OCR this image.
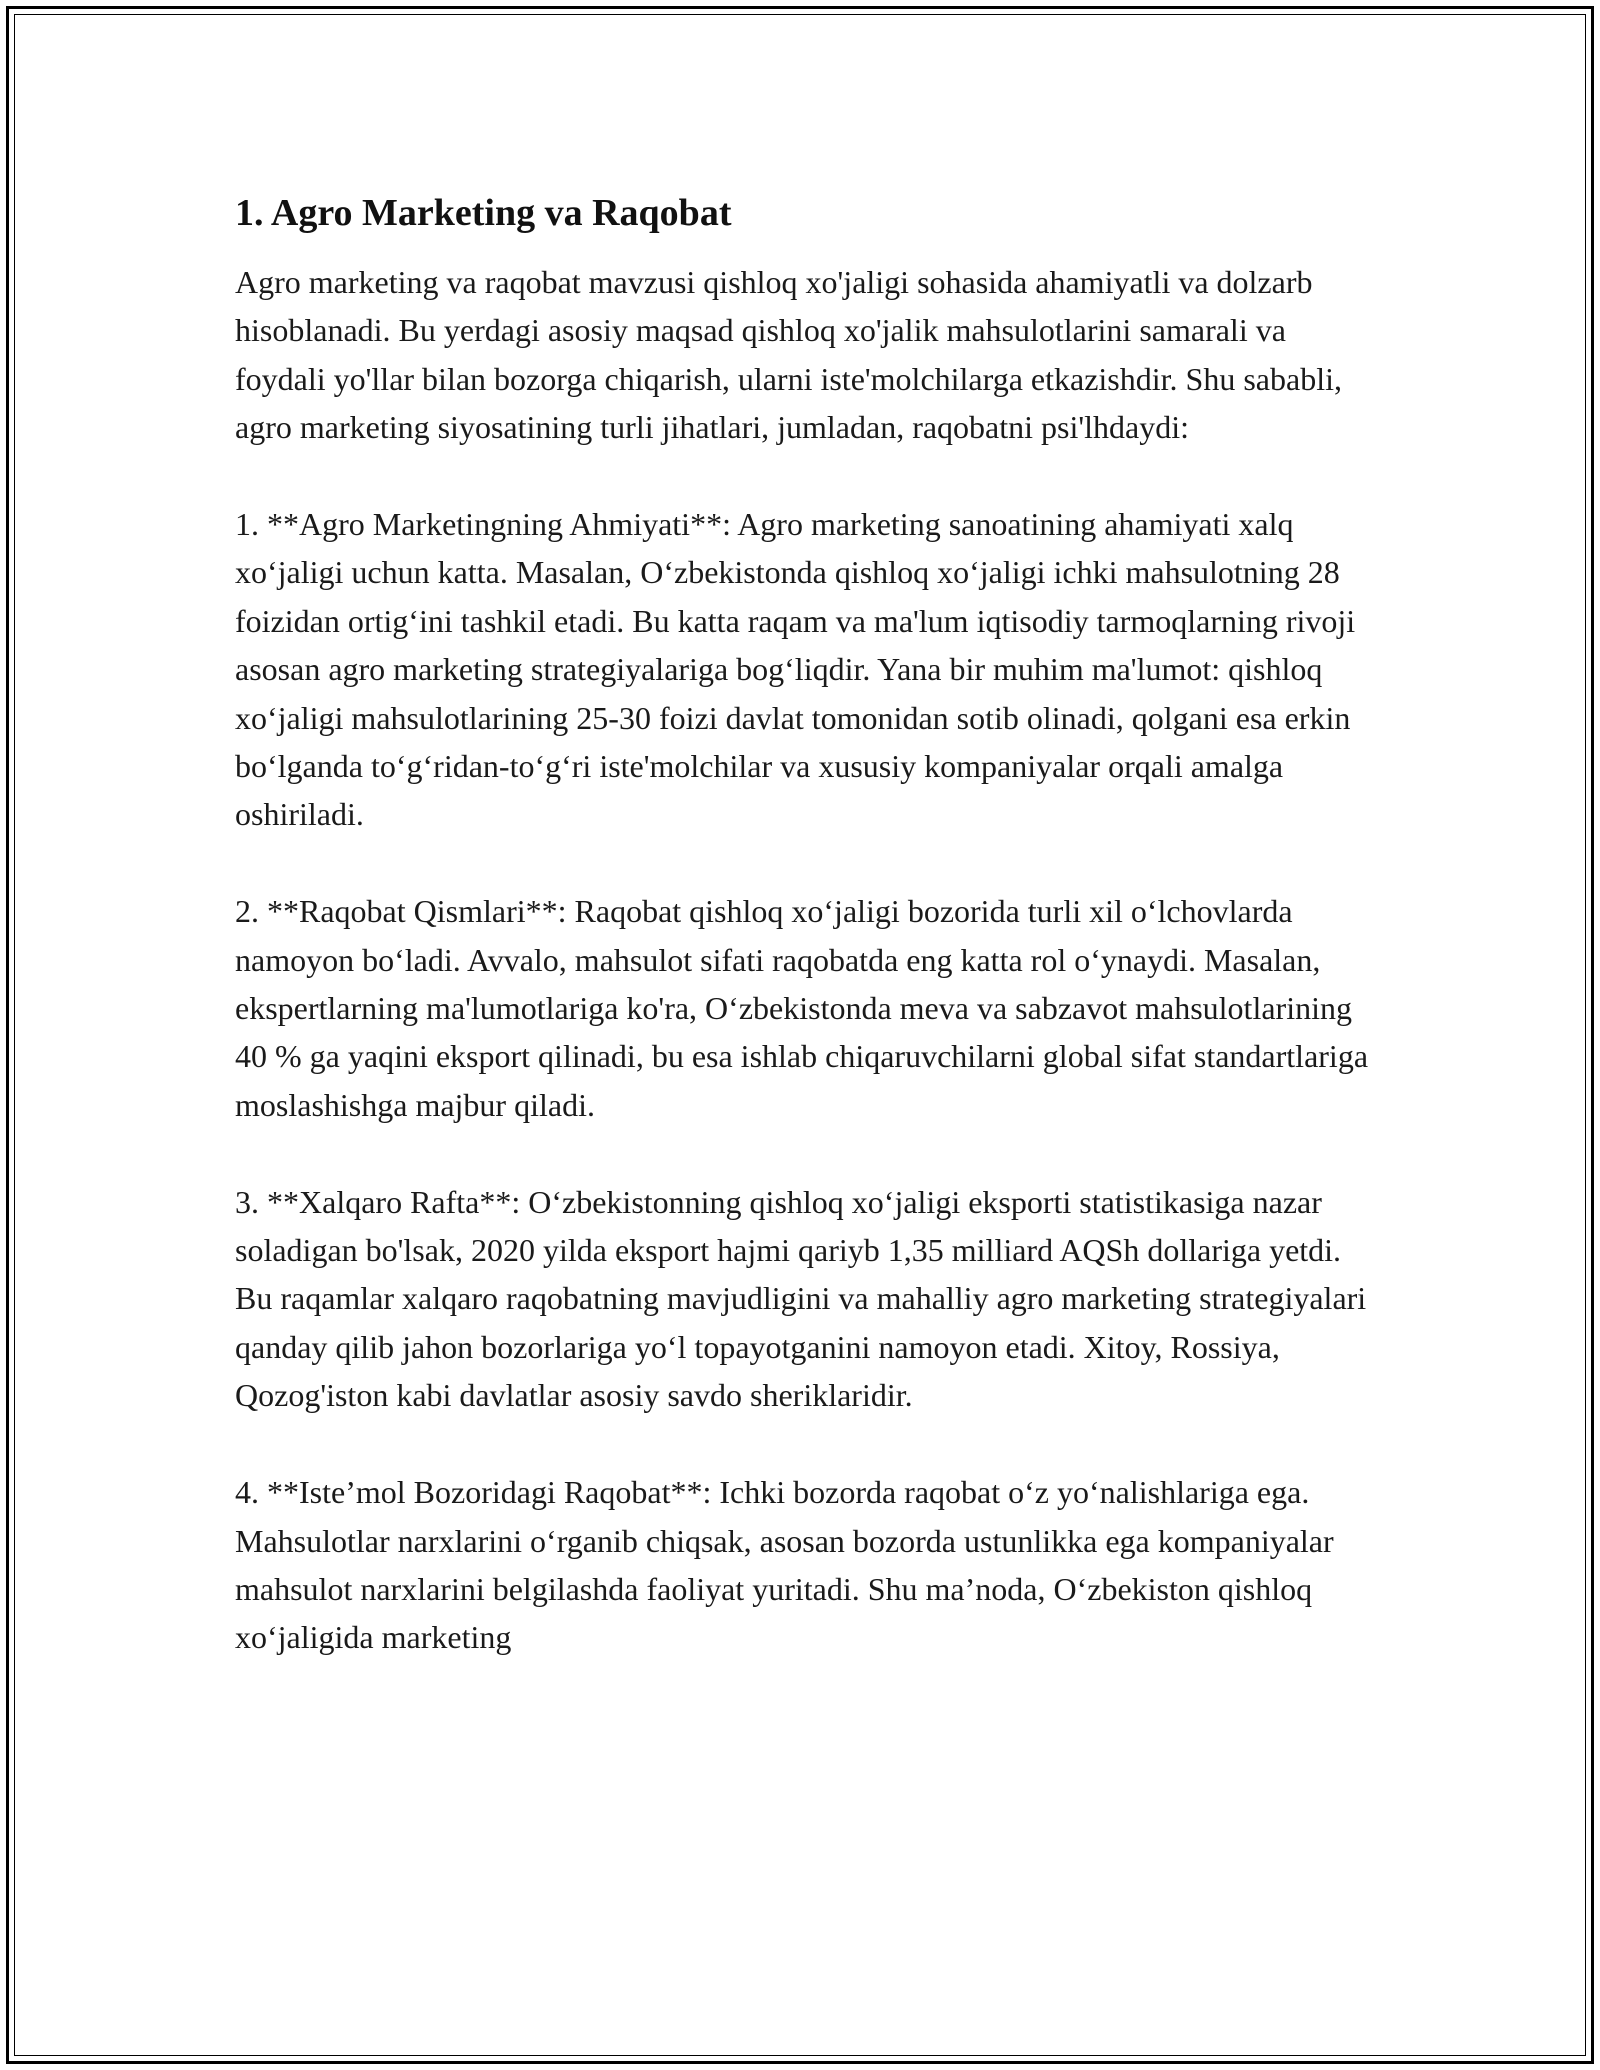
1. Agro Marketing va Raqobat

Agro marketing va raqobat mavzusi qishloq xo'jaligi sohasida ahamiyatli va dolzarb hisoblanadi. Bu yerdagi asosiy maqsad qishloq xo'jalik mahsulotlarini samarali va foydali yo'llar bilan bozorga chiqarish, ularni iste'molchilarga etkazishdir. Shu sababli, agro marketing siyosatining turli jihatlari, jumladan, raqobatni psi'lhdaydi:

1. **Agro Marketingning Ahmiyati**: Agro marketing sanoatining ahamiyati xalq xo‘jaligi uchun katta. Masalan, O‘zbekistonda qishloq xo‘jaligi ichki mahsulotning 28 foizidan ortig‘ini tashkil etadi. Bu katta raqam va ma'lum iqtisodiy tarmoqlarning rivoji asosan agro marketing strategiyalariga bog‘liqdir. Yana bir muhim ma'lumot: qishloq xo‘jaligi mahsulotlarining 25-30 foizi davlat tomonidan sotib olinadi, qolgani esa erkin bo‘lganda to‘g‘ridan-to‘g‘ri iste'molchilar va xususiy kompaniyalar orqali amalga oshiriladi.

2. **Raqobat Qismlari**: Raqobat qishloq xo‘jaligi bozorida turli xil o‘lchovlarda namoyon bo‘ladi. Avvalo, mahsulot sifati raqobatda eng katta rol o‘ynaydi. Masalan, ekspertlarning ma'lumotlariga ko'ra, O‘zbekistonda meva va sabzavot mahsulotlarining 40 % ga yaqini eksport qilinadi, bu esa ishlab chiqaruvchilarni global sifat standartlariga moslashishga majbur qiladi.

3. **Xalqaro Rafta**: O‘zbekistonning qishloq xo‘jaligi eksporti statistikasiga nazar soladigan bo'lsak, 2020 yilda eksport hajmi qariyb 1,35 milliard AQSh dollariga yetdi. Bu raqamlar xalqaro raqobatning mavjudligini va mahalliy agro marketing strategiyalari qanday qilib jahon bozorlariga yo‘l topayotganini namoyon etadi. Xitoy, Rossiya, Qozog'iston kabi davlatlar asosiy savdo sheriklaridir.

4. **Iste’mol Bozoridagi Raqobat**: Ichki bozorda raqobat o‘z yo‘nalishlariga ega. Mahsulotlar narxlarini o‘rganib chiqsak, asosan bozorda ustunlikka ega kompaniyalar mahsulot narxlarini belgilashda faoliyat yuritadi. Shu ma’noda, O‘zbekiston qishloq xo‘jaligida marketing
